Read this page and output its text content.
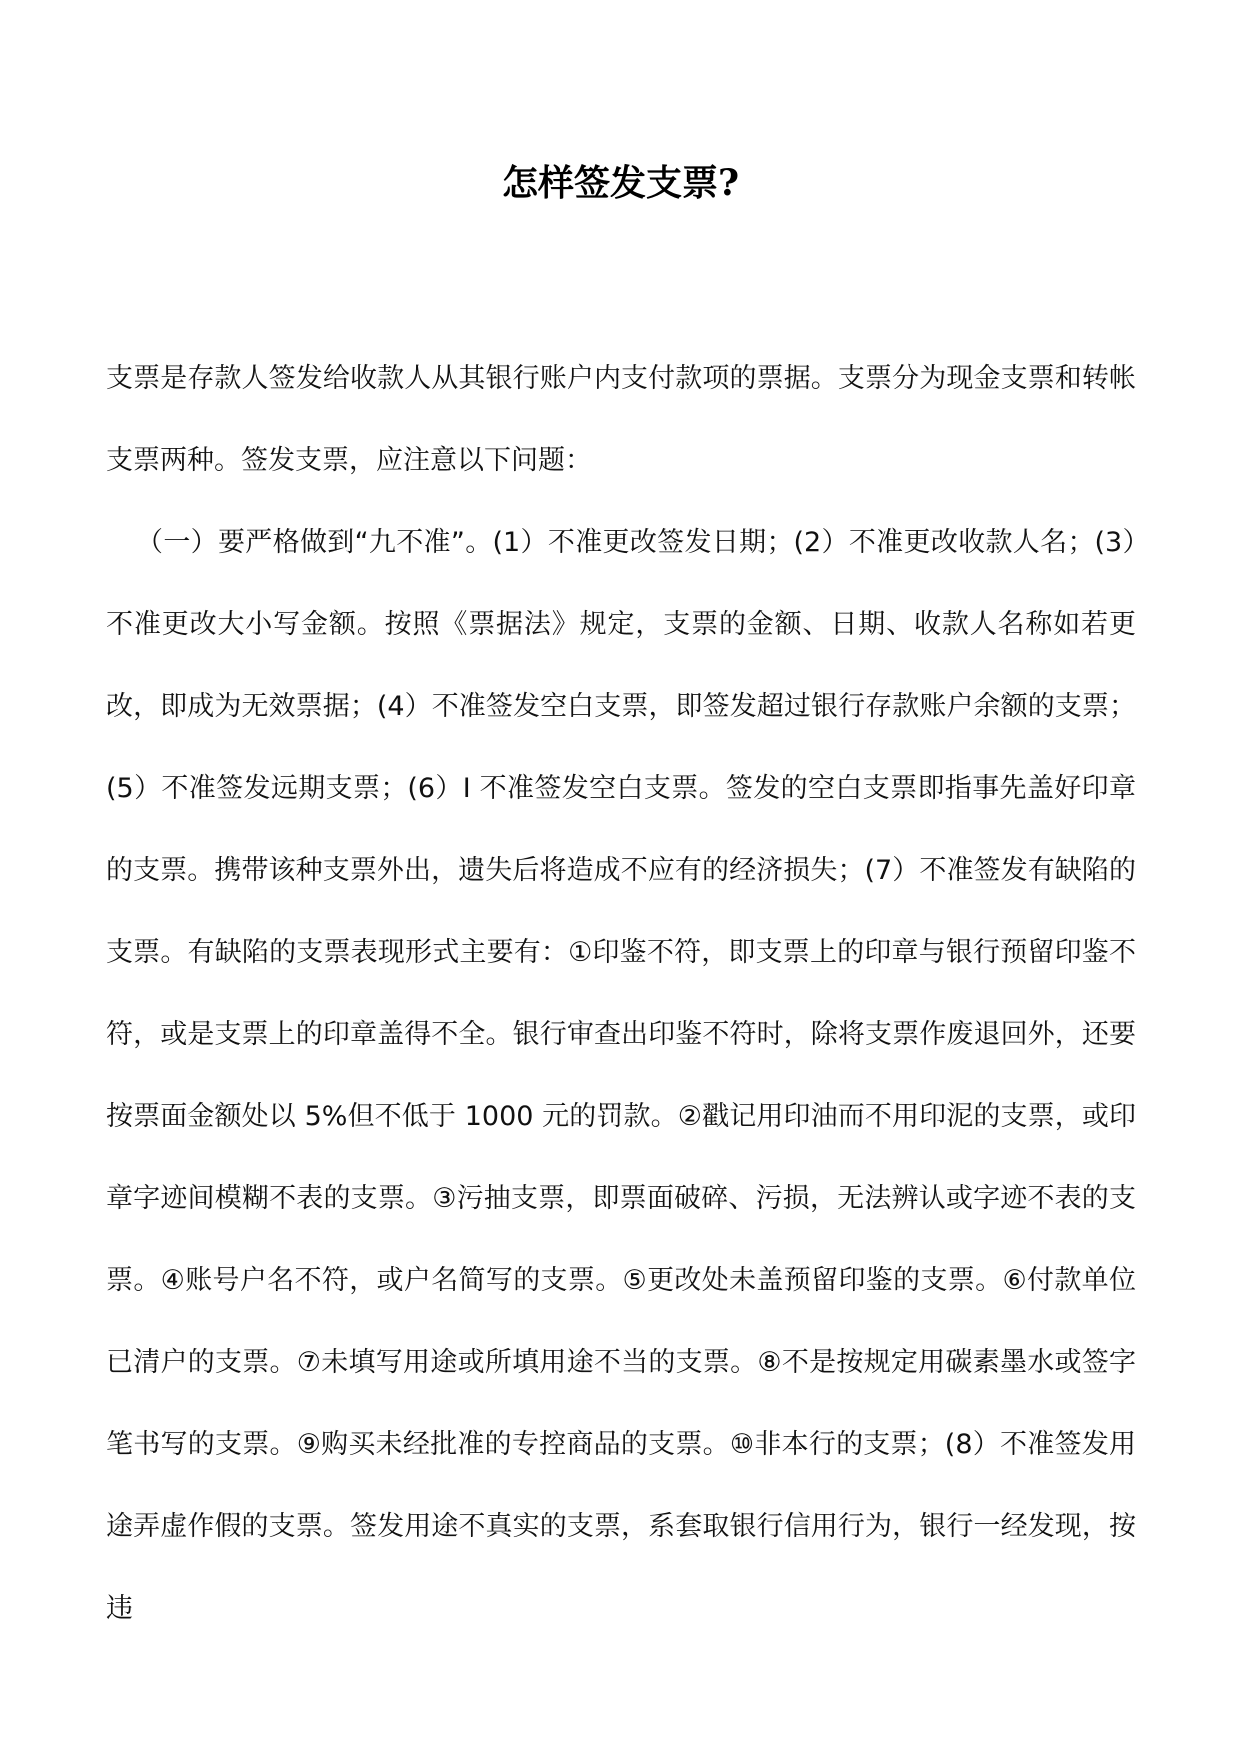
怎样签发支票?

支票是存款人签发给收款人从其银行账户内支付款项的票据。支票分为现金支票和转帐支票两种。签发支票，应注意以下问题：

（一）要严格做到“九不准”。(1）不准更改签发日期；(2）不准更改收款人名；(3）不准更改大小写金额。按照《票据法》规定，支票的金额、日期、收款人名称如若更改，即成为无效票据；(4）不准签发空白支票，即签发超过银行存款账户余额的支票；(5）不准签发远期支票；(6）I 不准签发空白支票。签发的空白支票即指事先盖好印章的支票。携带该种支票外出，遗失后将造成不应有的经济损失；(7）不准签发有缺陷的支票。有缺陷的支票表现形式主要有：①印鉴不符，即支票上的印章与银行预留印鉴不符，或是支票上的印章盖得不全。银行审查出印鉴不符时，除将支票作废退回外，还要按票面金额处以 5%但不低于 1000 元的罚款。②戳记用印油而不用印泥的支票，或印章字迹间模糊不表的支票。③污抽支票，即票面破碎、污损，无法辨认或字迹不表的支票。④账号户名不符，或户名简写的支票。⑤更改处未盖预留印鉴的支票。⑥付款单位已清户的支票。⑦未填写用途或所填用途不当的支票。⑧不是按规定用碳素墨水或签字笔书写的支票。⑨购买未经批准的专控商品的支票。⑩非本行的支票；(8）不准签发用途弄虚作假的支票。签发用途不真实的支票，系套取银行信用行为，银行一经发现，按违
